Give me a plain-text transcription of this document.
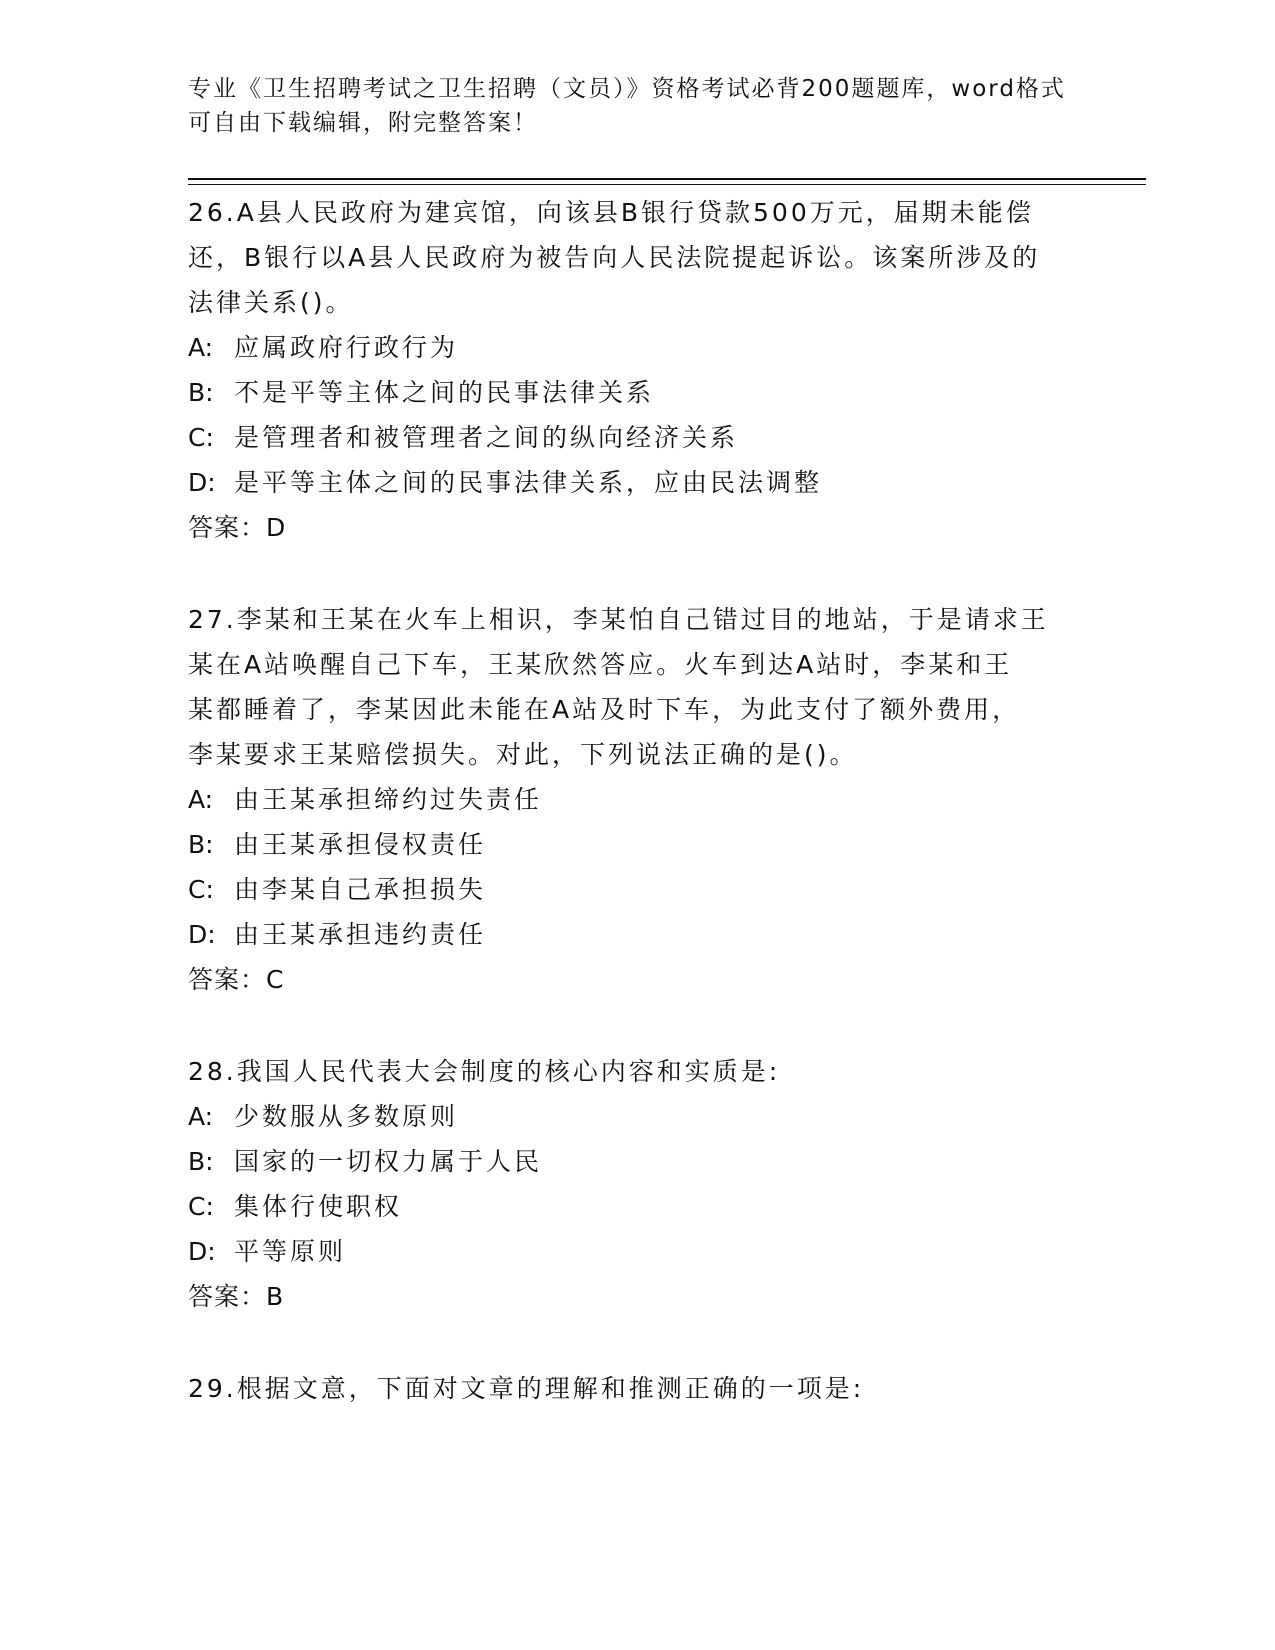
专业《卫生招聘考试之卫生招聘（文员）》资格考试必背200题题库，word格式
可自由下载编辑，附完整答案！
26.A县人民政府为建宾馆，向该县B银行贷款500万元，届期未能偿
还，B银行以A县人民政府为被告向人民法院提起诉讼。该案所涉及的
法律关系()。
A: 应属政府行政行为
B: 不是平等主体之间的民事法律关系
C: 是管理者和被管理者之间的纵向经济关系
D: 是平等主体之间的民事法律关系，应由民法调整
答案：D
27.李某和王某在火车上相识，李某怕自己错过目的地站，于是请求王
某在A站唤醒自己下车，王某欣然答应。火车到达A站时，李某和王
某都睡着了，李某因此未能在A站及时下车，为此支付了额外费用，
李某要求王某赔偿损失。对此，下列说法正确的是()。
A: 由王某承担缔约过失责任
B: 由王某承担侵权责任
C: 由李某自己承担损失
D: 由王某承担违约责任
答案：C
28.我国人民代表大会制度的核心内容和实质是:
A: 少数服从多数原则
B: 国家的一切权力属于人民
C: 集体行使职权
D: 平等原则
答案：B
29.根据文意，下面对文章的理解和推测正确的一项是:
